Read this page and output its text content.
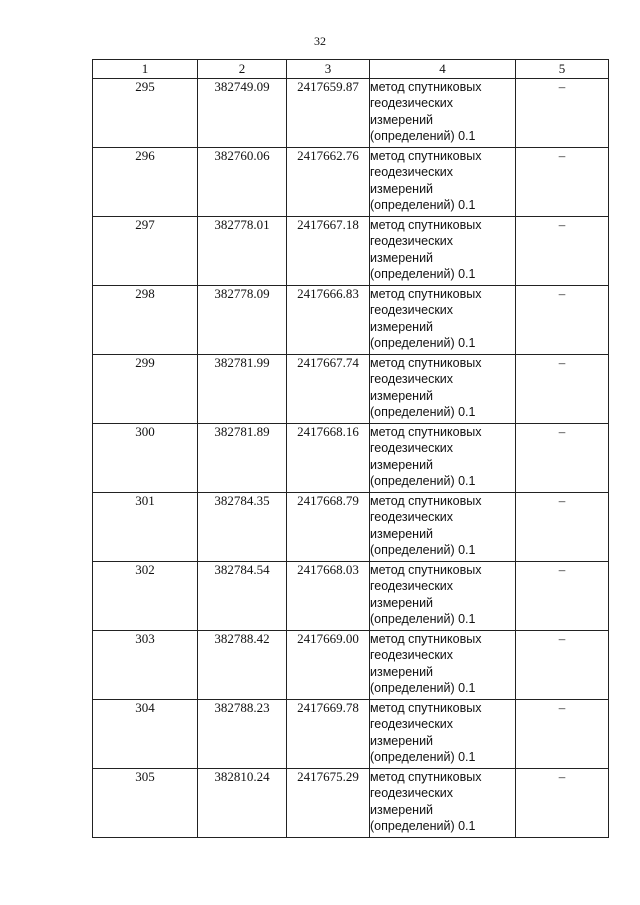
32
1	2	3	4	5
295	382749.09	2417659.87	метод спутниковых
геодезических
измерений
(определений) 0.1	–
296	382760.06	2417662.76	метод спутниковых
геодезических
измерений
(определений) 0.1	–
297	382778.01	2417667.18	метод спутниковых
геодезических
измерений
(определений) 0.1	–
298	382778.09	2417666.83	метод спутниковых
геодезических
измерений
(определений) 0.1	–
299	382781.99	2417667.74	метод спутниковых
геодезических
измерений
(определений) 0.1	–
300	382781.89	2417668.16	метод спутниковых
геодезических
измерений
(определений) 0.1	–
301	382784.35	2417668.79	метод спутниковых
геодезических
измерений
(определений) 0.1	–
302	382784.54	2417668.03	метод спутниковых
геодезических
измерений
(определений) 0.1	–
303	382788.42	2417669.00	метод спутниковых
геодезических
измерений
(определений) 0.1	–
304	382788.23	2417669.78	метод спутниковых
геодезических
измерений
(определений) 0.1	–
305	382810.24	2417675.29	метод спутниковых
геодезических
измерений
(определений) 0.1	–
